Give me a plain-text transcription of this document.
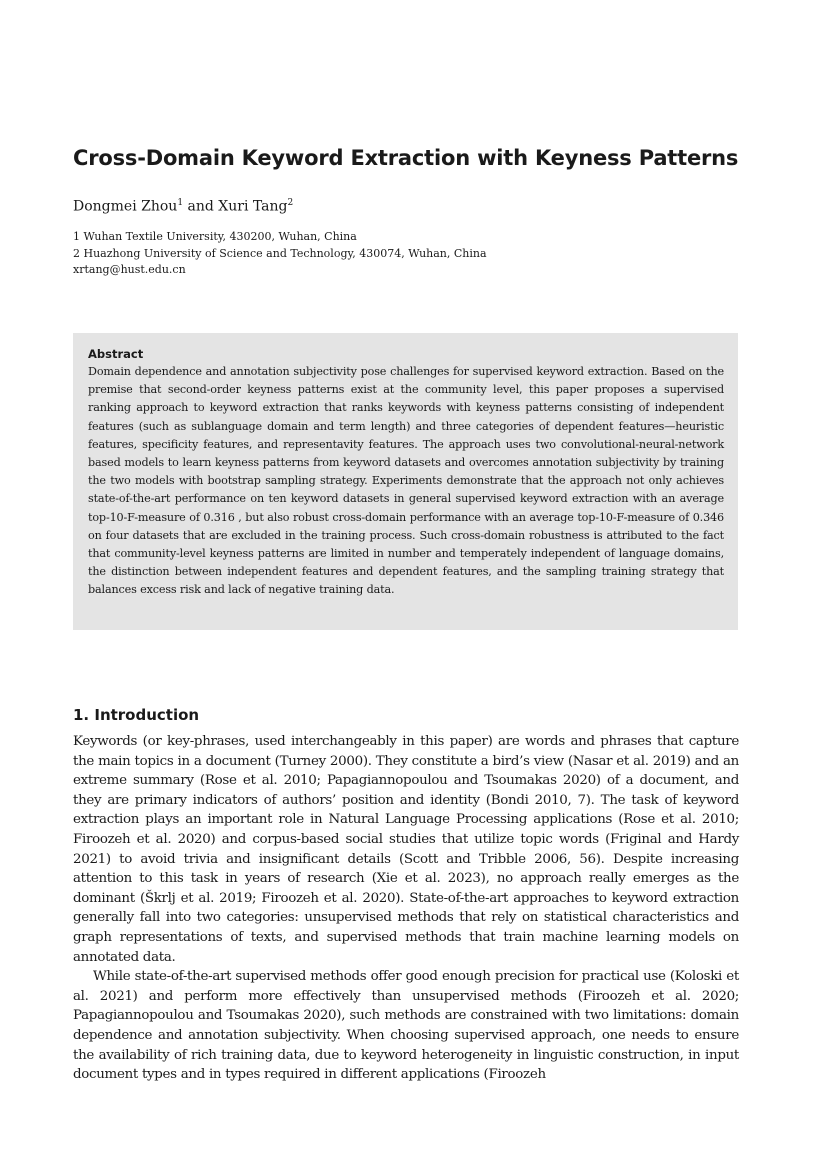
Cross-Domain Keyword Extraction with Keyness Patterns
Dongmei Zhou$^1$ and Xuri Tang$^2$
1 Wuhan Textile University, 430200, Wuhan, China
2 Huazhong University of Science and Technology, 430074, Wuhan, China
xrtang@hust.edu.cn
Abstract

Domain dependence and annotation subjectivity pose challenges for supervised keyword extraction. Based on the premise that second-order keyness patterns exist at the community level, this paper proposes a supervised ranking approach to keyword extraction that ranks keywords with keyness patterns consisting of independent features (such as sublanguage domain and term length) and three categories of dependent features—heuristic features, specificity features, and representavity features. The approach uses two convolutional-neural-network based models to learn keyness patterns from keyword datasets and overcomes annotation subjectivity by training the two models with bootstrap sampling strategy. Experiments demonstrate that the approach not only achieves state-of-the-art performance on ten keyword datasets in general supervised keyword extraction with an average top-10-F-measure of 0.316 , but also robust cross-domain performance with an average top-10-F-measure of 0.346 on four datasets that are excluded in the training process. Such cross-domain robustness is attributed to the fact that community-level keyness patterns are limited in number and temperately independent of language domains, the distinction between independent features and dependent features, and the sampling training strategy that balances excess risk and lack of negative training data.

1. Introduction

Keywords (or key-phrases, used interchangeably in this paper) are words and phrases that capture the main topics in a document (Turney 2000). They constitute a bird’s view (Nasar et al. 2019) and an extreme summary (Rose et al. 2010; Papagiannopoulou and Tsoumakas 2020) of a document, and they are primary indicators of authors’ position and identity (Bondi 2010, 7). The task of keyword extraction plays an important role in Natural Language Processing applications (Rose et al. 2010; Firoozeh et al. 2020) and corpus-based social studies that utilize topic words (Friginal and Hardy 2021) to avoid trivia and insignificant details (Scott and Tribble 2006, 56). Despite increasing attention to this task in years of research (Xie et al. 2023), no approach really emerges as the dominant (Škrlj et al. 2019; Firoozeh et al. 2020). State-of-the-art approaches to keyword extraction generally fall into two categories: unsupervised methods that rely on statistical characteristics and graph representations of texts, and supervised methods that train machine learning models on annotated data.

While state-of-the-art supervised methods offer good enough precision for practical use (Koloski et al. 2021) and perform more effectively than unsupervised methods (Firoozeh et al. 2020; Papagiannopoulou and Tsoumakas 2020), such methods are constrained with two limitations: domain dependence and annotation subjectivity. When choosing supervised approach, one needs to ensure the availability of rich training data, due to keyword heterogeneity in linguistic construction, in input document types and in types required in different applications (Firoozeh
